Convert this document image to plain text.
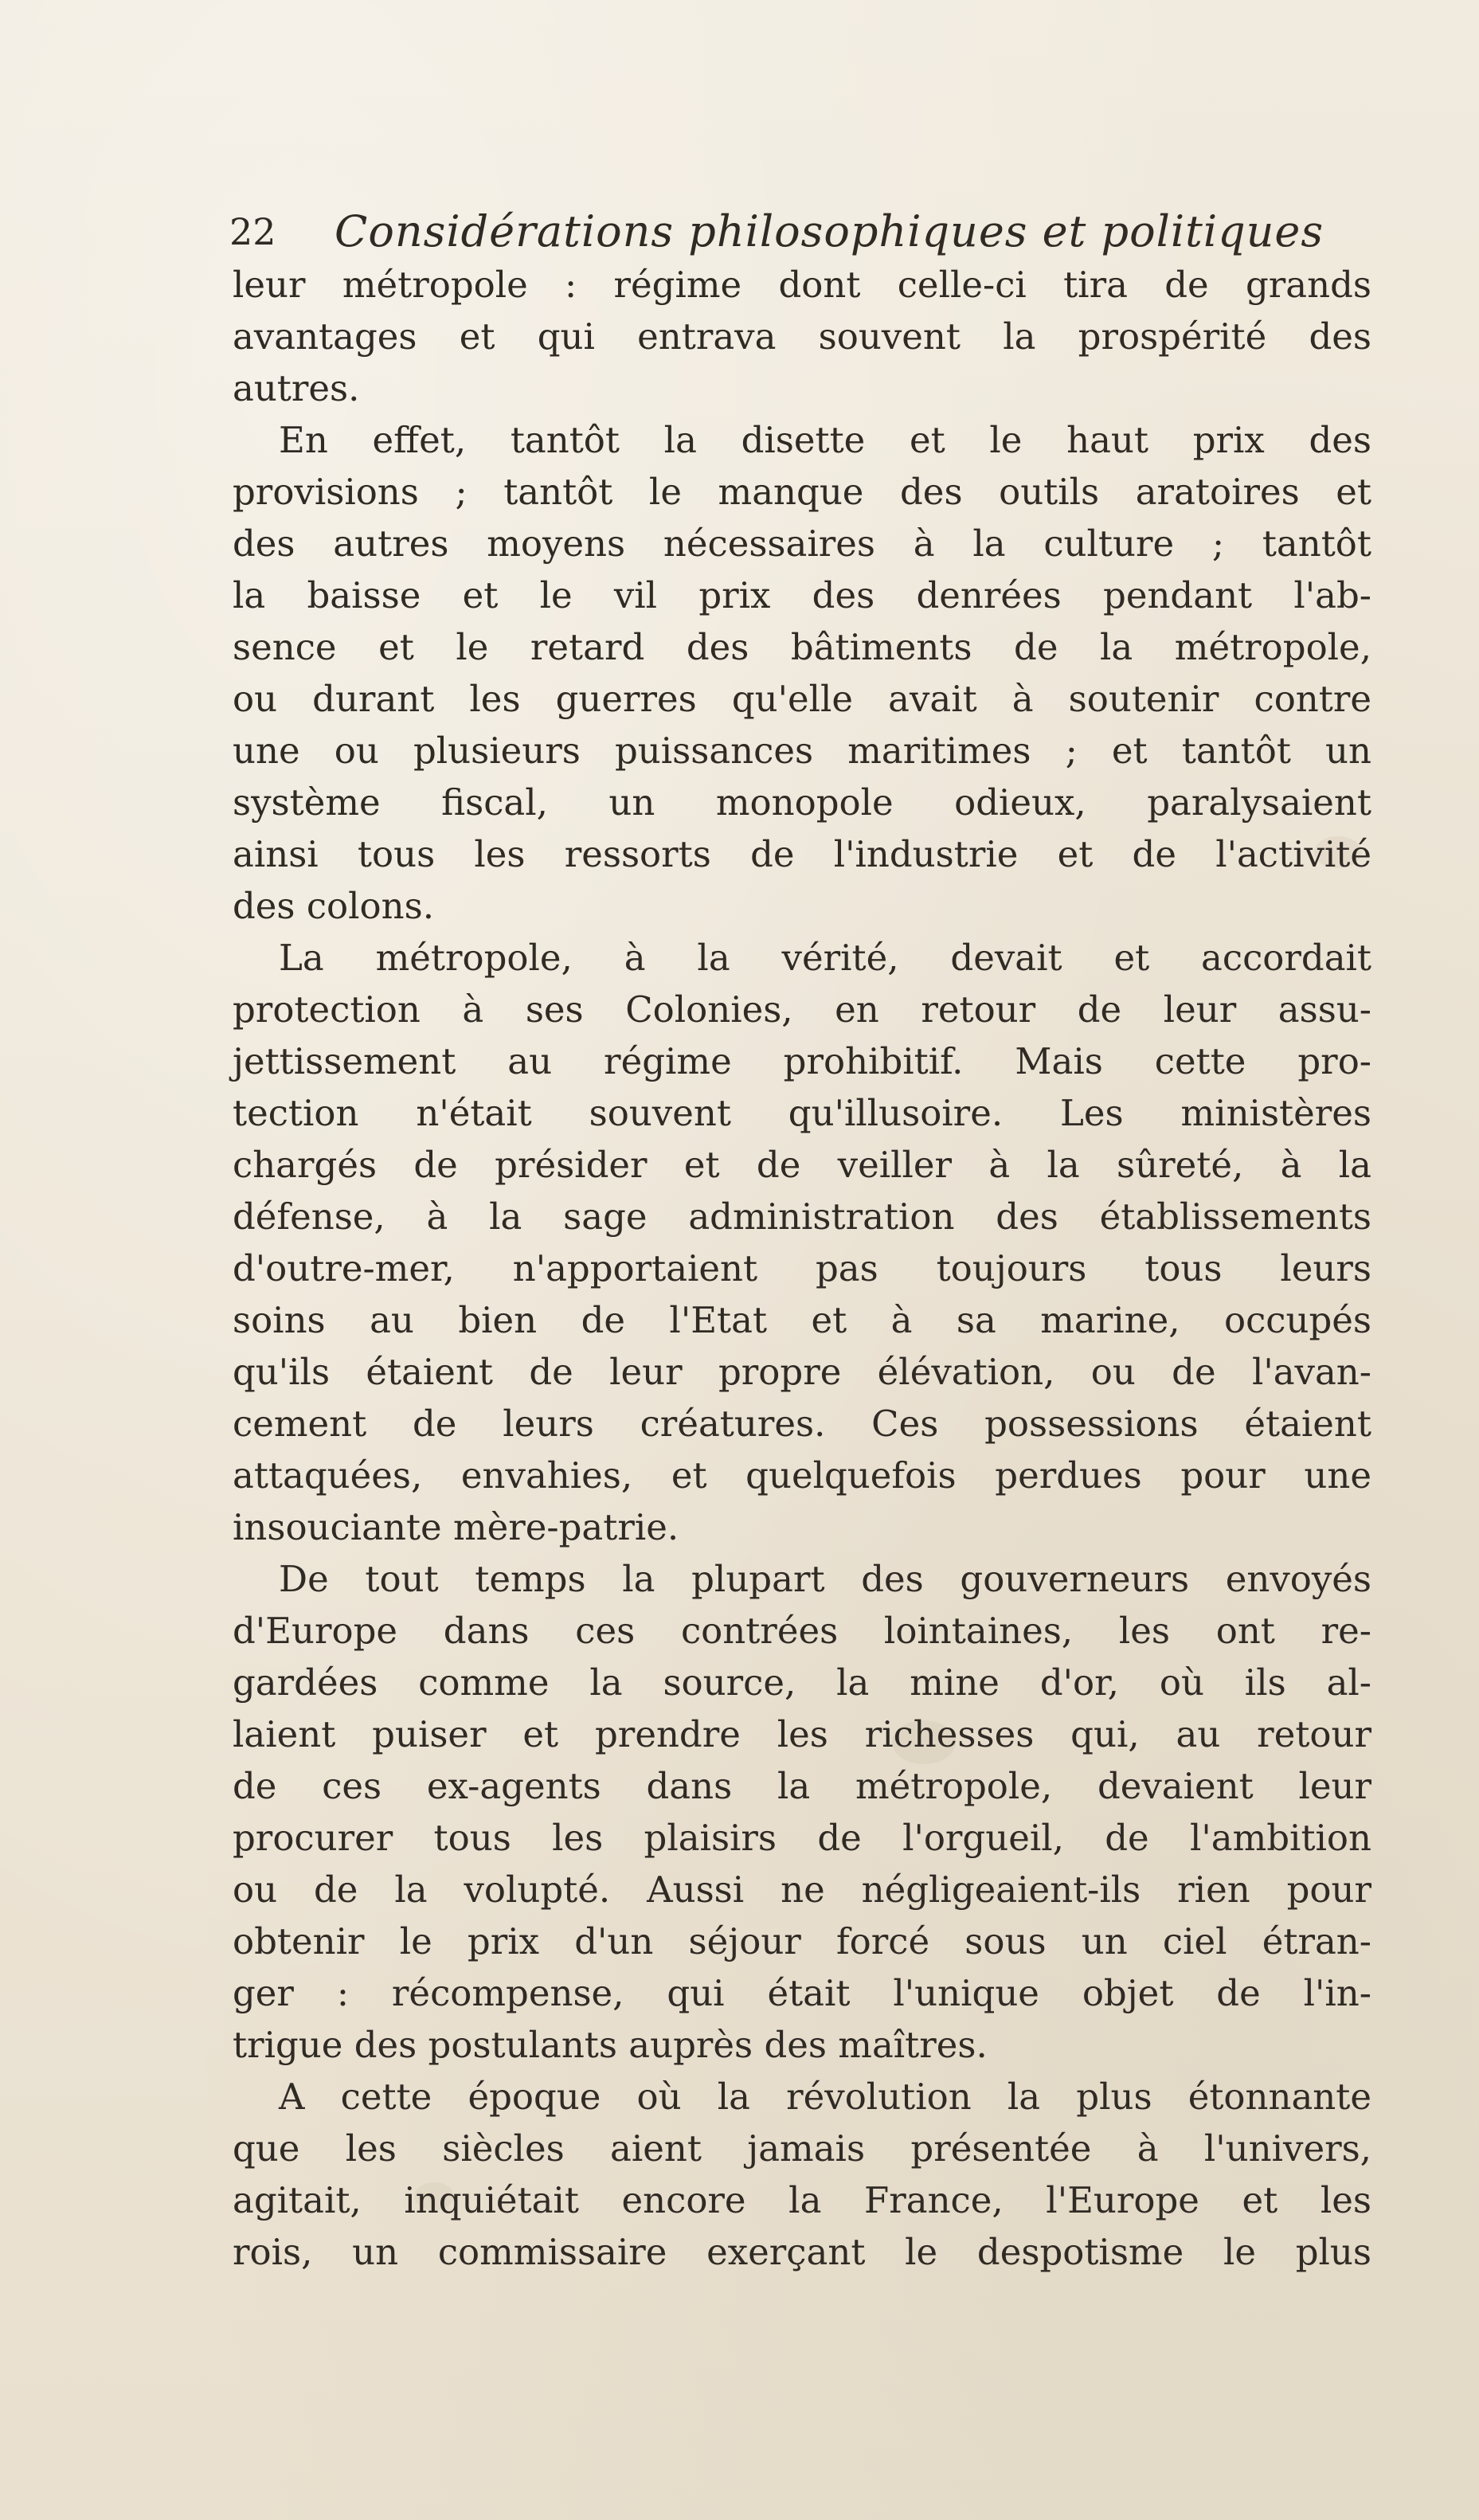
22 Considérations philosophiques et politiques
leur métropole : régime dont celle-ci tira de grands
avantages et qui entrava souvent la prospérité des
autres.
En effet, tantôt la disette et le haut prix des
provisions ; tantôt le manque des outils aratoires et
des autres moyens nécessaires à la culture ; tantôt
la baisse et le vil prix des denrées pendant l'ab-
sence et le retard des bâtiments de la métropole,
ou durant les guerres qu'elle avait à soutenir contre
une ou plusieurs puissances maritimes ; et tantôt un
système fiscal, un monopole odieux, paralysaient
ainsi tous les ressorts de l'industrie et de l'activité
des colons.
La métropole, à la vérité, devait et accordait
protection à ses Colonies, en retour de leur assu-
jettissement au régime prohibitif. Mais cette pro-
tection n'était souvent qu'illusoire. Les ministères
chargés de présider et de veiller à la sûreté, à la
défense, à la sage administration des établissements
d'outre-mer, n'apportaient pas toujours tous leurs
soins au bien de l'Etat et à sa marine, occupés
qu'ils étaient de leur propre élévation, ou de l'avan-
cement de leurs créatures. Ces possessions étaient
attaquées, envahies, et quelquefois perdues pour une
insouciante mère-patrie.
De tout temps la plupart des gouverneurs envoyés
d'Europe dans ces contrées lointaines, les ont re-
gardées comme la source, la mine d'or, où ils al-
laient puiser et prendre les richesses qui, au retour
de ces ex-agents dans la métropole, devaient leur
procurer tous les plaisirs de l'orgueil, de l'ambition
ou de la volupté. Aussi ne négligeaient-ils rien pour
obtenir le prix d'un séjour forcé sous un ciel étran-
ger : récompense, qui était l'unique objet de l'in-
trigue des postulants auprès des maîtres.
A cette époque où la révolution la plus étonnante
que les siècles aient jamais présentée à l'univers,
agitait, inquiétait encore la France, l'Europe et les
rois, un commissaire exerçant le despotisme le plus
